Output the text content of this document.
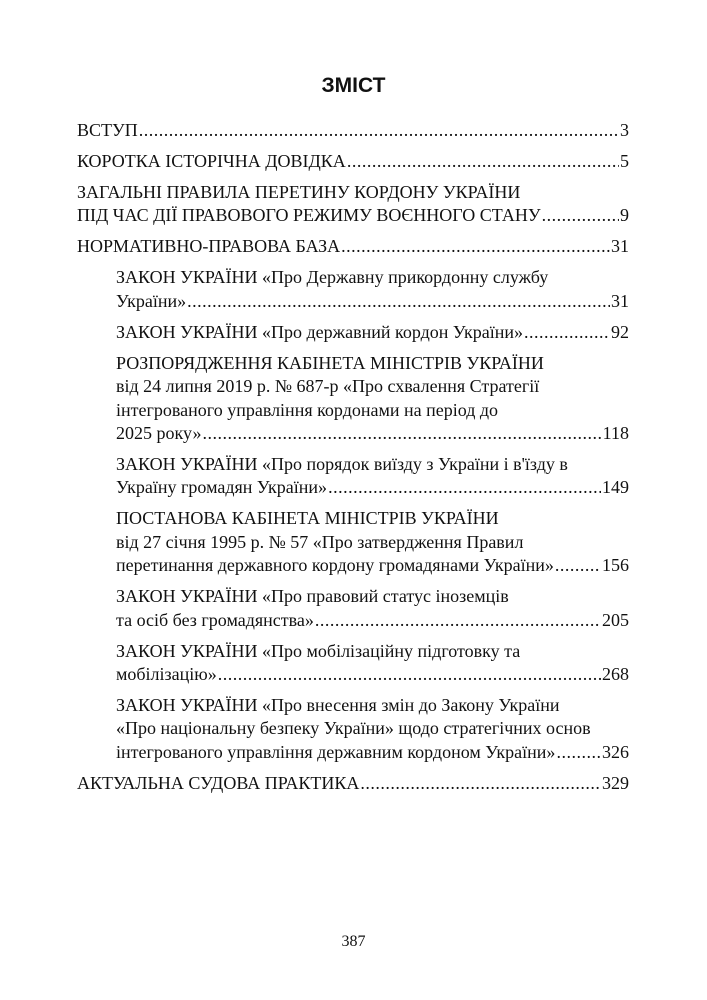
ЗМІСТ
ВСТУП .....	3
КОРОТКА ІСТОРІЧНА ДОВІДКА .....	5
ЗАГАЛЬНІ ПРАВИЛА ПЕРЕТИНУ КОРДОНУ УКРАЇНИ
ПІД ЧАС ДІЇ ПРАВОВОГО РЕЖИМУ ВОЄННОГО СТАНУ .....	9
НОРМАТИВНО-ПРАВОВА БАЗА .....	31
ЗАКОН УКРАЇНИ «Про Державну прикордонну службу
України» .....	31
ЗАКОН УКРАЇНИ «Про державний кордон України» .....	92
РОЗПОРЯДЖЕННЯ КАБІНЕТА МІНІСТРІВ УКРАЇНИ
від 24 липня 2019 р. № 687-р «Про схвалення Стратегії
інтегрованого управління кордонами на період до
2025 року» .....	118
ЗАКОН УКРАЇНИ «Про порядок виїзду з України і в'їзду в
Україну громадян України» .....	149
ПОСТАНОВА КАБІНЕТА МІНІСТРІВ УКРАЇНИ
від 27 січня 1995 р. № 57 «Про затвердження Правил
перетинання державного кордону громадянами України» .....	156
ЗАКОН УКРАЇНИ «Про правовий статус іноземців
та осіб без громадянства» .....	205
ЗАКОН УКРАЇНИ «Про мобілізаційну підготовку та
мобілізацію» .....	268
ЗАКОН УКРАЇНИ «Про внесення змін до Закону України
«Про національну безпеку України» щодо стратегічних основ
інтегрованого управління державним кордоном України» .....	326
АКТУАЛЬНА СУДОВА ПРАКТИКА .....	329
387
